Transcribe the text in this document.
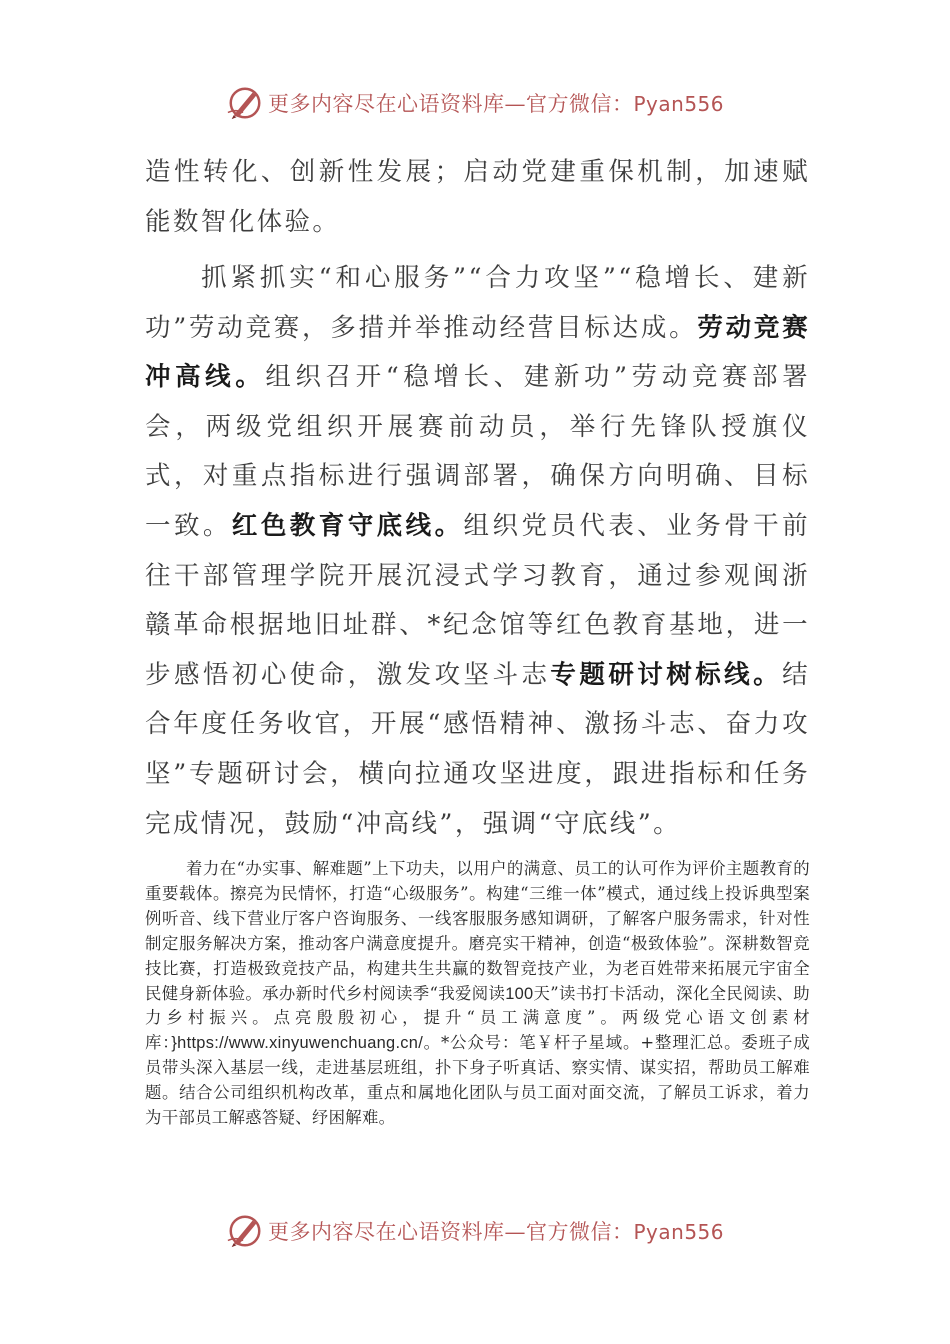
更多内容尽在心语资料库—官方微信：Pyan556

造性转化、创新性发展；启动党建重保机制，加速赋能数智化体验。

抓紧抓实“和心服务”“合力攻坚”“稳增长、建新功”劳动竞赛，多措并举推动经营目标达成。劳动竞赛冲高线。组织召开“稳增长、建新功”劳动竞赛部署会，两级党组织开展赛前动员，举行先锋队授旗仪式，对重点指标进行强调部署，确保方向明确、目标一致。红色教育守底线。组织党员代表、业务骨干前往干部管理学院开展沉浸式学习教育，通过参观闽浙赣革命根据地旧址群、*纪念馆等红色教育基地，进一步感悟初心使命，激发攻坚斗志专题研讨树标线。结合年度任务收官，开展“感悟精神、激扬斗志、奋力攻坚”专题研讨会，横向拉通攻坚进度，跟进指标和任务完成情况，鼓励“冲高线”，强调“守底线”。

着力在“办实事、解难题”上下功夫，以用户的满意、员工的认可作为评价主题教育的重要载体。擦亮为民情怀，打造“心级服务”。构建“三维一体”模式，通过线上投诉典型案例听音、线下营业厅客户咨询服务、一线客服服务感知调研，了解客户服务需求，针对性制定服务解决方案，推动客户满意度提升。磨亮实干精神，创造“极致体验”。深耕数智竞技比赛，打造极致竞技产品，构建共生共赢的数智竞技产业，为老百姓带来拓展元宇宙全民健身新体验。承办新时代乡村阅读季“我爱阅读100天”读书打卡活动，深化全民阅读、助力乡村振兴。点亮殷殷初心，提升“员工满意度”。两级党心语文创素材库：}https://www.xinyuwenchuang.cn/。*公众号：笔￥杆子星域。+整理汇总。委班子成员带头深入基层一线，走进基层班组，扑下身子听真话、察实情、谋实招，帮助员工解难题。结合公司组织机构改革，重点和属地化团队与员工面对面交流，了解员工诉求，着力为干部员工解惑答疑、纾困解难。

更多内容尽在心语资料库—官方微信：Pyan556
